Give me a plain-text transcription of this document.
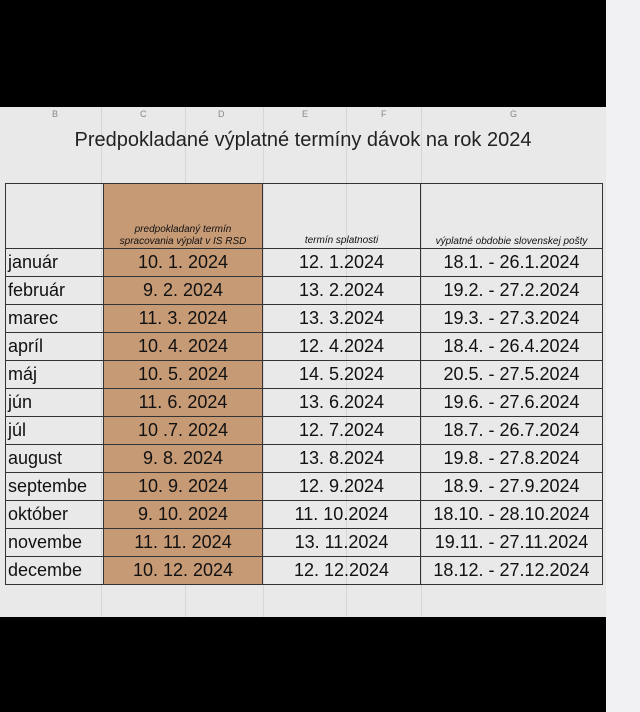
B	C	D	E	F	G
Predpokladané výplatné termíny dávok na rok 2024
	predpokladaný termín spracovania výplat v IS RSD	termín splatnosti	výplatné obdobie slovenskej pošty
január	10. 1. 2024	12. 1.2024	18.1. - 26.1.2024
február	9. 2. 2024	13. 2.2024	19.2. - 27.2.2024
marec	11. 3. 2024	13. 3.2024	19.3. - 27.3.2024
apríl	10. 4. 2024	12. 4.2024	18.4. - 26.4.2024
máj	10. 5. 2024	14. 5.2024	20.5. - 27.5.2024
jún	11. 6. 2024	13. 6.2024	19.6. - 27.6.2024
júl	10 .7. 2024	12. 7.2024	18.7. - 26.7.2024
august	9. 8. 2024	13. 8.2024	19.8. - 27.8.2024
septembe	10. 9. 2024	12. 9.2024	18.9. - 27.9.2024
október	9. 10. 2024	11. 10.2024	18.10. - 28.10.2024
novembe	11. 11. 2024	13. 11.2024	19.11. - 27.11.2024
decembe	10. 12. 2024	12. 12.2024	18.12. - 27.12.2024
